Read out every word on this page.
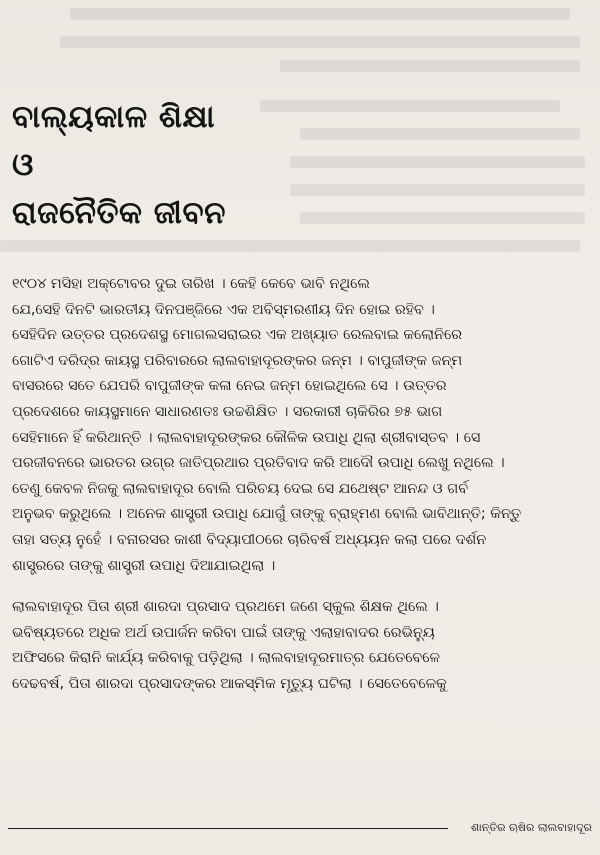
ବାଲ୍ୟକାଳ ଶିକ୍ଷା
ଓ
ରାଜନୈତିକ ଜୀବନ
୧୯୦୪ ମସିହା ଅକ୍ଟୋବର ଦୁଇ ତାରିଖ । କେହି କେବେ ଭାବି ନଥିଲେ
ଯେ,ସେହି ଦିନଟି ଭାରତୀୟ ଦିନପଞ୍ଜିରେ ଏକ ଅବିସ୍ମରଣୀୟ ଦିନ ହୋଇ ରହିବ ।
ସେହିଦିନ ଉତ୍ତର ପ୍ରଦେଶସ୍ଥ ମୋଗଲସରାଇର ଏକ ଅଖ୍ୟାତ ରେଲବାଇ କଲୋନିରେ
ଗୋଟିଏ ଦରିଦ୍ର କାୟସ୍ଥ ପରିବାରରେ ଲାଲବାହାଦୂରଙ୍କର ଜନ୍ମ । ବାପୁଜୀଙ୍କ ଜନ୍ମ
ବାସରରେ ସତେ ଯେପରି ବାପୁଜୀଙ୍କ କଳା ନେଇ ଜନ୍ମ ହୋଇଥିଲେ ସେ । ଉତ୍ତର
ପ୍ରଦେଶରେ କାୟସ୍ଥମାନେ ସାଧାରଣତଃ ଉଚ୍ଚଶିକ୍ଷିତ । ସରକାରୀ ଚାକିରିର ୭୫ ଭାଗ
ସେହିମାନେ ହିଁ କରିଥାନ୍ତି । ଲାଲବାହାଦୂରଙ୍କର କୌଳିକ ଉପାଧି ଥିଲା ଶ୍ରୀବାସ୍ତବ । ସେ
ପରଜୀବନରେ ଭାରତର ଉଗ୍ର ଜାତିପ୍ରଥାର ପ୍ରତିବାଦ କରି ଆଦୌ ଉପାଧି ଲେଖୁ ନଥିଲେ ।
ତେଣୁ କେବଳ ନିଜକୁ ଲାଲବାହାଦୂର ବୋଲି ପରିଚୟ ଦେଇ ସେ ଯଥେଷ୍ଟ ଆନନ୍ଦ ଓ ଗର୍ବ
ଅନୁଭବ କରୁଥିଲେ । ଅନେକ ଶାସ୍ତ୍ରୀ ଉପାଧି ଯୋଗୁଁ ତାଙ୍କୁ ବ୍ରାହ୍ମଣ ବୋଲି ଭାବିଥାନ୍ତି; କିନ୍ତୁ
ତାହା ସତ୍ୟ ନୁହେଁ । ବନାରସର କାଶୀ ବିଦ୍ୟାପୀଠରେ ଚାରିବର୍ଷ ଅଧ୍ୟୟନ କଲା ପରେ ଦର୍ଶନ
ଶାସ୍ତ୍ରରେ ତାଙ୍କୁ ଶାସ୍ତ୍ରୀ ଉପାଧି ଦିଆଯାଇଥିଲା ।
ଲାଲବାହାଦୂର ପିତା ଶ୍ରୀ ଶାରଦା ପ୍ରସାଦ ପ୍ରଥମେ ଜଣେ ସ୍କୁଲ ଶିକ୍ଷକ ଥିଲେ ।
ଭବିଷ୍ୟତରେ ଅଧିକ ଅର୍ଥ ଉପାର୍ଜନ କରିବା ପାଇଁ ତାଙ୍କୁ ଏଲାହାବାଦର ରେଭିନ୍ୟୁ
ଅଫିସରେ କିରାନି କାର୍ଯ୍ୟ କରିବାକୁ ପଡ଼ିଥିଲା । ଲାଲବାହାଦୂରମାତ୍ର ଯେତେବେଳେ
ଦେଢବର୍ଷ, ପିତା ଶାରଦା ପ୍ରସାଦଙ୍କର ଆକସ୍ମିକ ମୃତ୍ୟୁ ଘଟିଲା । ସେତେବେଳେକୁ
ଶାନ୍ତିର ଋଷିର ଲାଲବାହାଦୂର
